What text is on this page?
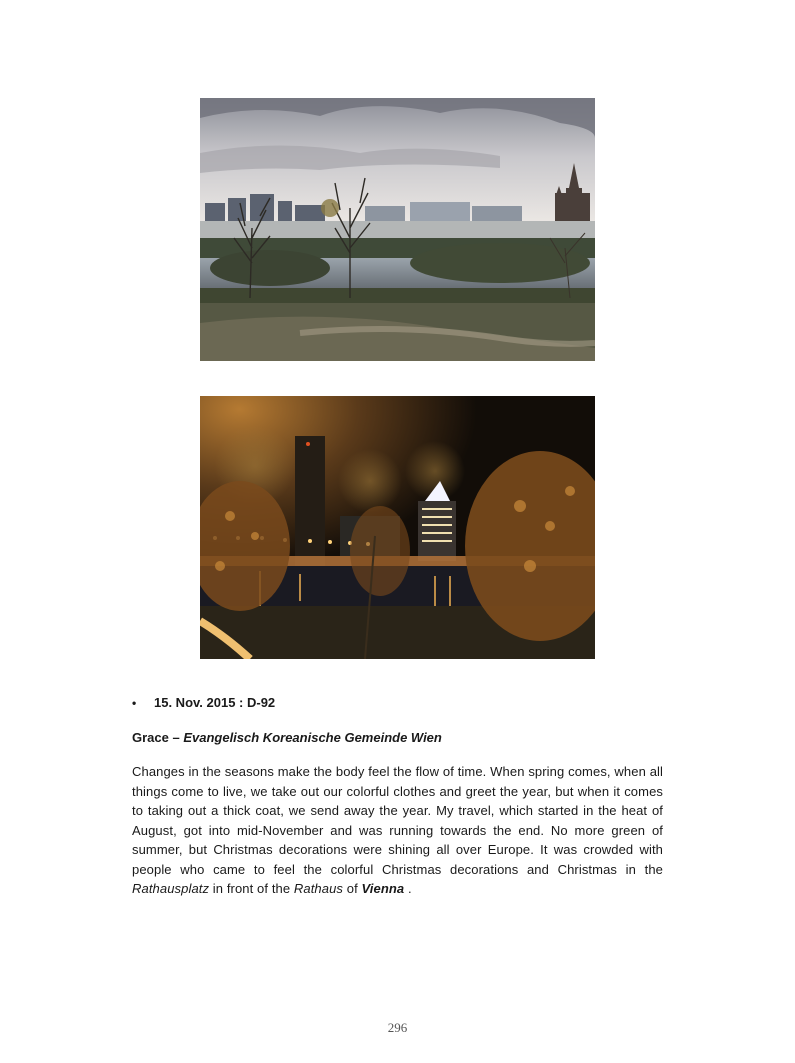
• 15. Nov. 2015 : D-92
Grace – Evangelisch Koreanische Gemeinde Wien
Changes in the seasons make the body feel the flow of time. When spring comes, when all things come to live, we take out our colorful clothes and greet the year, but when it comes to taking out a thick coat, we send away the year. My travel, which started in the heat of August, got into mid-November and was running towards the end. No more green of summer, but Christmas decorations were shining all over Europe. It was crowded with people who came to feel the colorful Christmas decorations and Christmas in the Rathausplatz in front of the Rathaus of Vienna .
296
